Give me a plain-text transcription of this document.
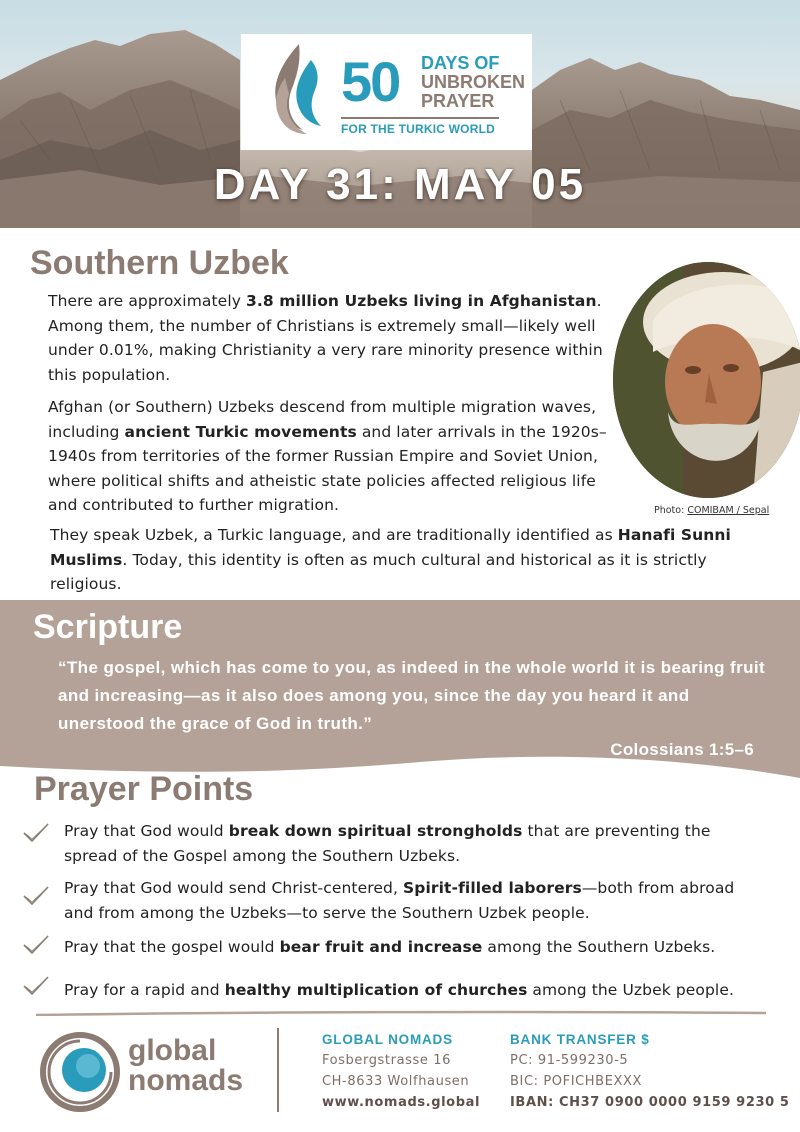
50 DAYS OF
UNBROKEN
PRAYER
FOR THE TURKIC WORLD
DAY 31: MAY 05
Southern Uzbek
There are approximately 3.8 million Uzbeks living in Afghanistan. Among them, the number of Christians is extremely small—likely well under 0.01%, making Christianity a very rare minority presence within this population.
Afghan (or Southern) Uzbeks descend from multiple migration waves, including ancient Turkic movements and later arrivals in the 1920s–1940s from territories of the former Russian Empire and Soviet Union, where political shifts and atheistic state policies affected religious life and contributed to further migration.
They speak Uzbek, a Turkic language, and are traditionally identified as Hanafi Sunni Muslims. Today, this identity is often as much cultural and historical as it is strictly religious.
Photo: COMIBAM / Sepal
Scripture
“The gospel, which has come to you, as indeed in the whole world it is bearing fruit and increasing—as it also does among you, since the day you heard it and unerstood the grace of God in truth.”
Colossians 1:5–6
Prayer Points
Pray that God would break down spiritual strongholds that are preventing the spread of the Gospel among the Southern Uzbeks.
Pray that God would send Christ-centered, Spirit-filled laborers—both from abroad and from among the Uzbeks—to serve the Southern Uzbek people.
Pray that the gospel would bear fruit and increase among the Southern Uzbeks.
Pray for a rapid and healthy multiplication of churches among the Uzbek people.
global
nomads
GLOBAL NOMADS
Fosbergstrasse 16
CH-8633 Wolfhausen
www.nomads.global
BANK TRANSFER $
PC: 91-599230-5
BIC: POFICHBEXXX
IBAN: CH37 0900 0000 9159 9230 5
